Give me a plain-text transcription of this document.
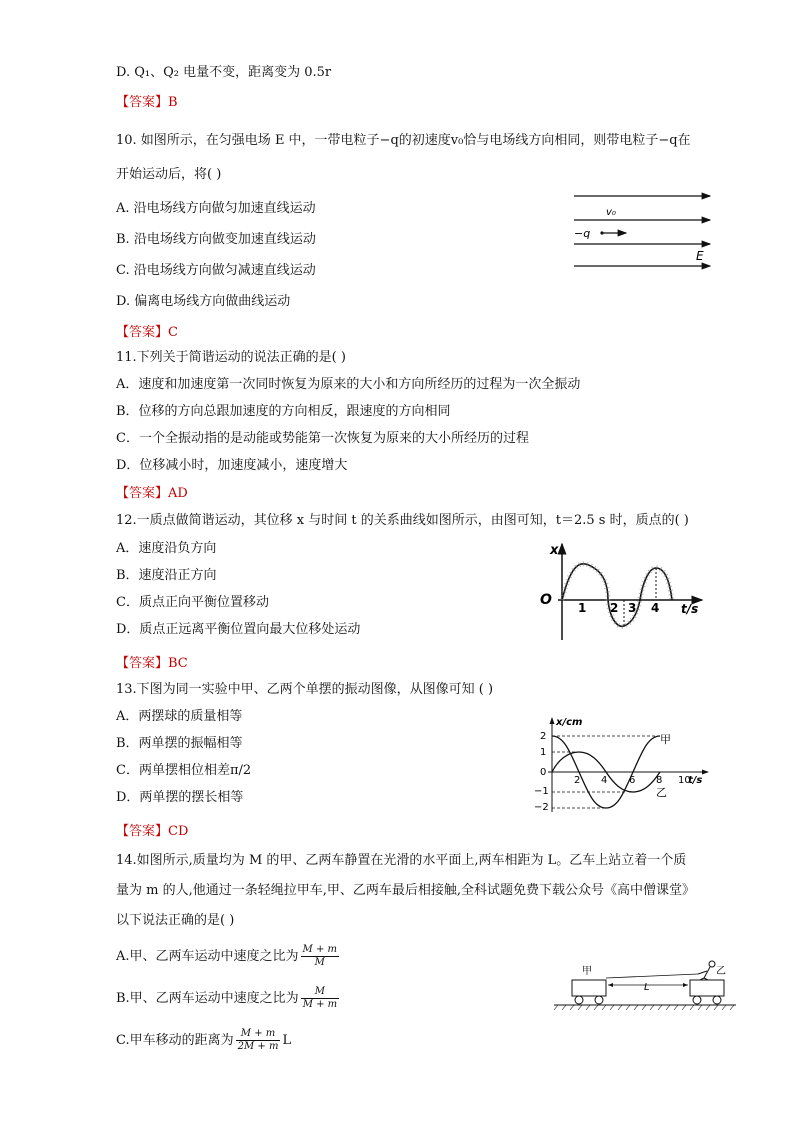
D. Q₁、Q₂ 电量不变，距离变为 0.5r
【答案】B
10. 如图所示，在匀强电场 E 中，一带电粒子−q的初速度v₀恰与电场线方向相同，则带电粒子−q在
开始运动后，将( )
A. 沿电场线方向做匀加速直线运动
B. 沿电场线方向做变加速直线运动
C. 沿电场线方向做匀减速直线运动
D. 偏离电场线方向做曲线运动
【答案】C
v₀
−q
E
11.下列关于简谐运动的说法正确的是( )
A．速度和加速度第一次同时恢复为原来的大小和方向所经历的过程为一次全振动
B．位移的方向总跟加速度的方向相反，跟速度的方向相同
C．一个全振动指的是动能或势能第一次恢复为原来的大小所经历的过程
D．位移减小时，加速度减小，速度增大
【答案】AD
12.一质点做简谐运动，其位移 x 与时间 t 的关系曲线如图所示，由图可知，t＝2.5 s 时，质点的( )
A．速度沿负方向
B．速度沿正方向
C．质点正向平衡位置移动
D．质点正远离平衡位置向最大位移处运动
【答案】BC
x
O
t/s
1 2 3 4
13.下图为同一实验中甲、乙两个单摆的振动图像，从图像可知 ( )
A．两摆球的质量相等
B．两单摆的振幅相等
C．两单摆相位相差π/2
D．两单摆的摆长相等
【答案】CD
x/cm
t/s
2
1
0
−1
−2
2 4 6 8 10
甲
乙
14.如图所示,质量均为 M 的甲、乙两车静置在光滑的水平面上,两车相距为 L。乙车上站立着一个质
量为 m 的人,他通过一条轻绳拉甲车,甲、乙两车最后相接触,全科试题免费下载公众号《高中僧课堂》
以下说法正确的是( )
A.甲、乙两车运动中速度之比为 $\frac{M + m}{M}$
B.甲、乙两车运动中速度之比为 $\frac{M}{M + m}$
C.甲车移动的距离为 $\frac{M + m}{2M + m}$ L
甲	乙
L
